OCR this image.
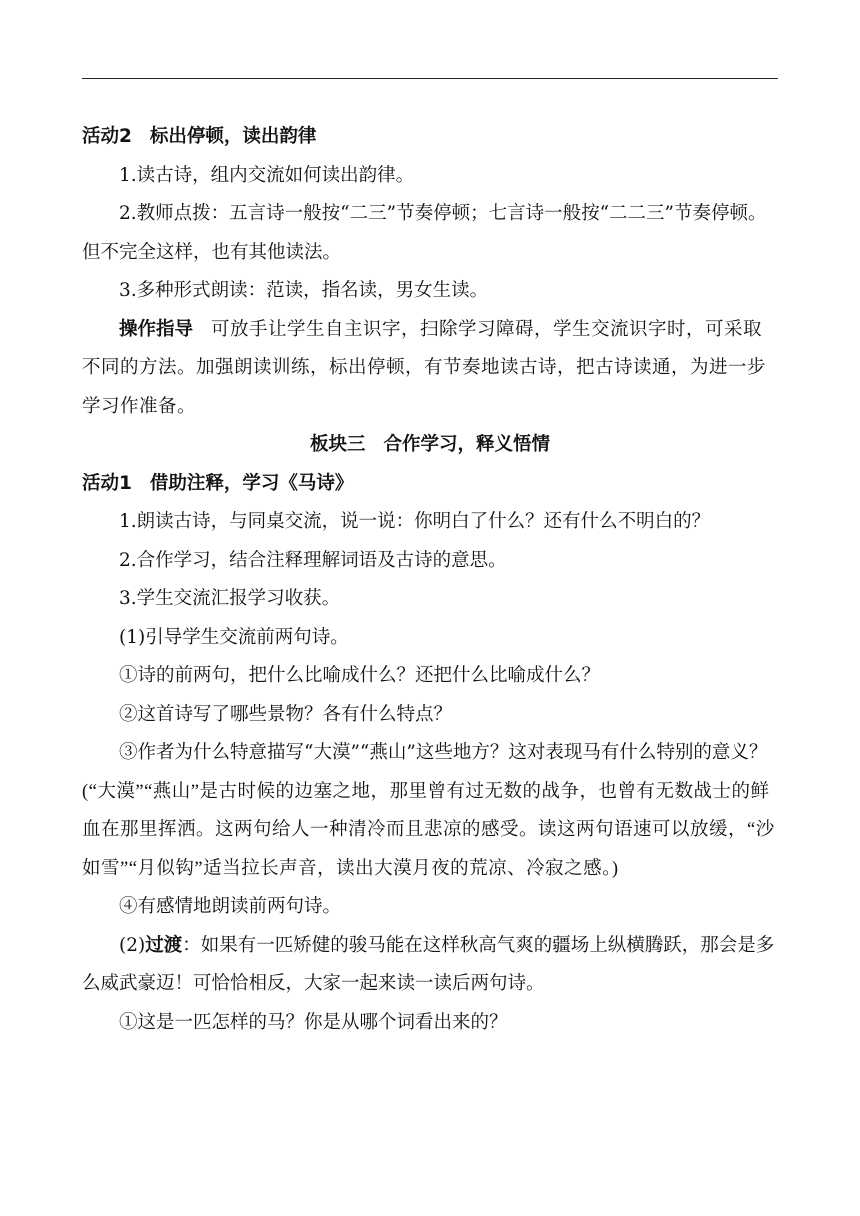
活动2 标出停顿，读出韵律

1.读古诗，组内交流如何读出韵律。

2.教师点拨：五言诗一般按“二三”节奏停顿；七言诗一般按“二二三”节奏停顿。但不完全这样，也有其他读法。

3.多种形式朗读：范读，指名读，男女生读。

操作指导 可放手让学生自主识字，扫除学习障碍，学生交流识字时，可采取不同的方法。加强朗读训练，标出停顿，有节奏地读古诗，把古诗读通，为进一步学习作准备。

板块三 合作学习，释义悟情

活动1 借助注释，学习《马诗》

1.朗读古诗，与同桌交流，说一说：你明白了什么？还有什么不明白的？

2.合作学习，结合注释理解词语及古诗的意思。

3.学生交流汇报学习收获。

(1)引导学生交流前两句诗。

①诗的前两句，把什么比喻成什么？还把什么比喻成什么？

②这首诗写了哪些景物？各有什么特点？

③作者为什么特意描写“大漠”“燕山”这些地方？这对表现马有什么特别的意义？(“大漠”“燕山”是古时候的边塞之地，那里曾有过无数的战争，也曾有无数战士的鲜血在那里挥洒。这两句给人一种清冷而且悲凉的感受。读这两句语速可以放缓，“沙如雪”“月似钩”适当拉长声音，读出大漠月夜的荒凉、冷寂之感。)

④有感情地朗读前两句诗。

(2)过渡：如果有一匹矫健的骏马能在这样秋高气爽的疆场上纵横腾跃，那会是多么威武豪迈！可恰恰相反，大家一起来读一读后两句诗。

①这是一匹怎样的马？你是从哪个词看出来的？
